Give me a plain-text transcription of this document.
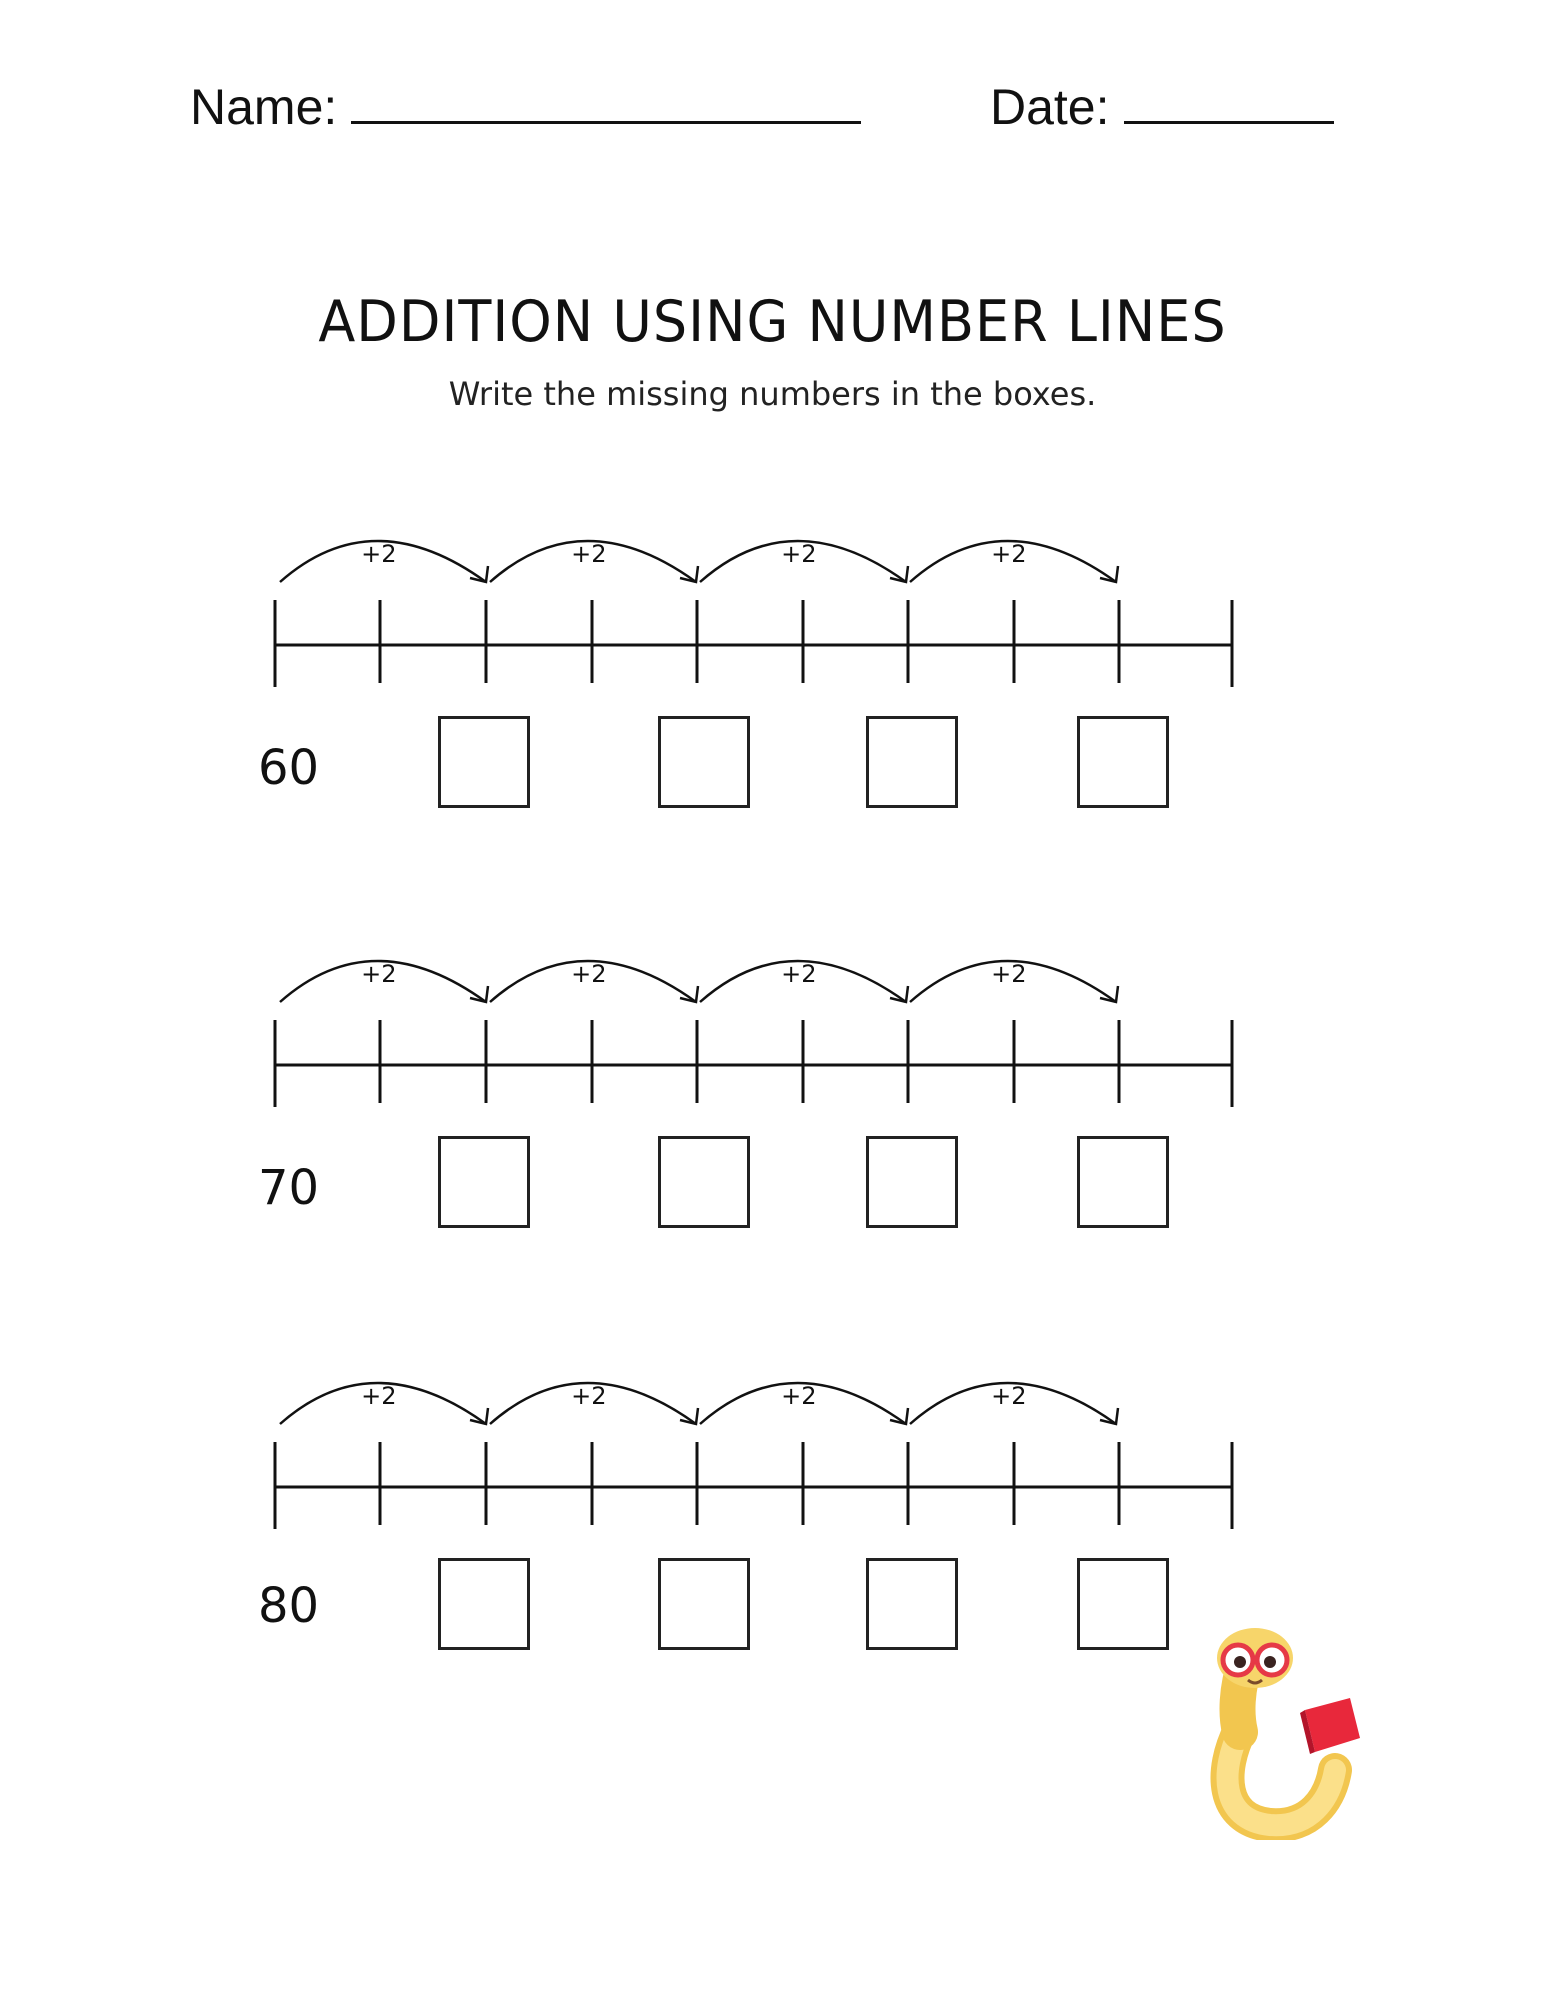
Name:	Date:
ADDITION USING NUMBER LINES
Write the missing numbers in the boxes.
+2	+2	+2	+2
60
+2	+2	+2	+2
70
+2	+2	+2	+2
80
